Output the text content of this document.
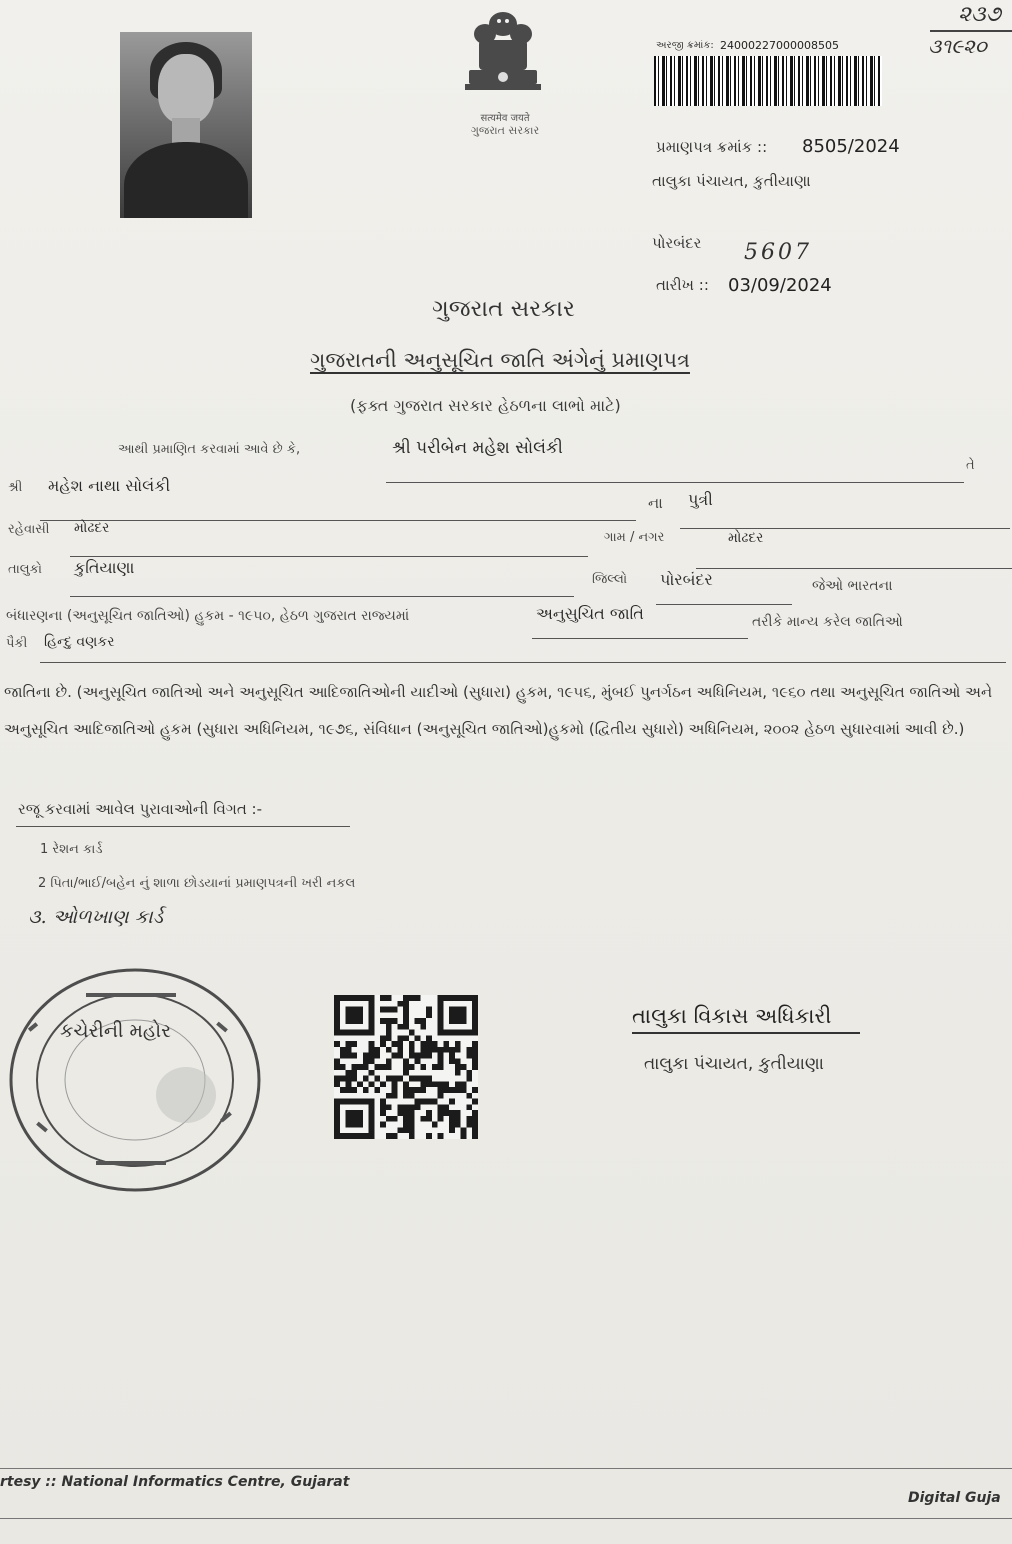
सत्यमेव जयते
ગુજરાત સરકાર
અરજી ક્રમાંક: 24000227000008505
૨૩૭
૩૧૯૨૦
પ્રમાણપત્ર ક્રમાંક :: 8505/2024
તાલુકા પંચાયત, કુતીયાણા
પોરબંદર 5607
તારીખ :: 03/09/2024
ગુજરાત સરકાર
ગુજરાતની અનુસૂચિત જાતિ અંગેનું પ્રમાણપત્ર
(ફક્ત ગુજરાત સરકાર હેઠળના લાભો માટે)
આથી પ્રમાણિત કરવામાં આવે છે કે,	શ્રી પરીબેન મહેશ સોલંકી
તે
શ્રી મહેશ નાથા સોલંકી
ના પુત્રી
રહેવાસી મોઢદર
ગામ / નગર	મોઢદર
તાલુકો કુતિયાણા
જિલ્લો પોરબંદર	જેઓ ભારતના
બંધારણના (અનુસૂચિત જાતિઓ) હુકમ - ૧૯૫૦, હેઠળ ગુજરાત રાજ્યમાં	અનુસુચિત જાતિ	તરીકે માન્ય કરેલ જાતિઓ
પૈકી હિન્દુ વણકર
જાતિના છે. (અનુસૂચિત જાતિઓ અને અનુસૂચિત આદિજાતિઓની યાદીઓ (સુધારા) હુકમ, ૧૯૫૬, મુંબઈ પુનર્ગઠન અધિનિયમ, ૧૯૬૦ તથા અનુસૂચિત જાતિઓ અને અનુસૂચિત આદિજાતિઓ હુકમ (સુધારા અધિનિયમ, ૧૯૭૬, સંવિધાન (અનુસૂચિત જાતિઓ)હુકમો (દ્વિતીય સુધારો) અધિનિયમ, ૨૦૦૨ હેઠળ સુધારવામાં આવી છે.)
રજૂ કરવામાં આવેલ પુરાવાઓની વિગત :-
1 રેશન કાર્ડ
2 પિતા/ભાઈ/બહેન નું શાળા છોડયાનાં પ્રમાણપત્રની ખરી નકલ
૩. ઓળખાણ કાર્ડ
કચેરીની મહોર
તાલુકા વિકાસ અધિકારી
તાલુકા પંચાયત, કુતીયાણા
rtesy :: National Informatics Centre, Gujarat
Digital Guja
